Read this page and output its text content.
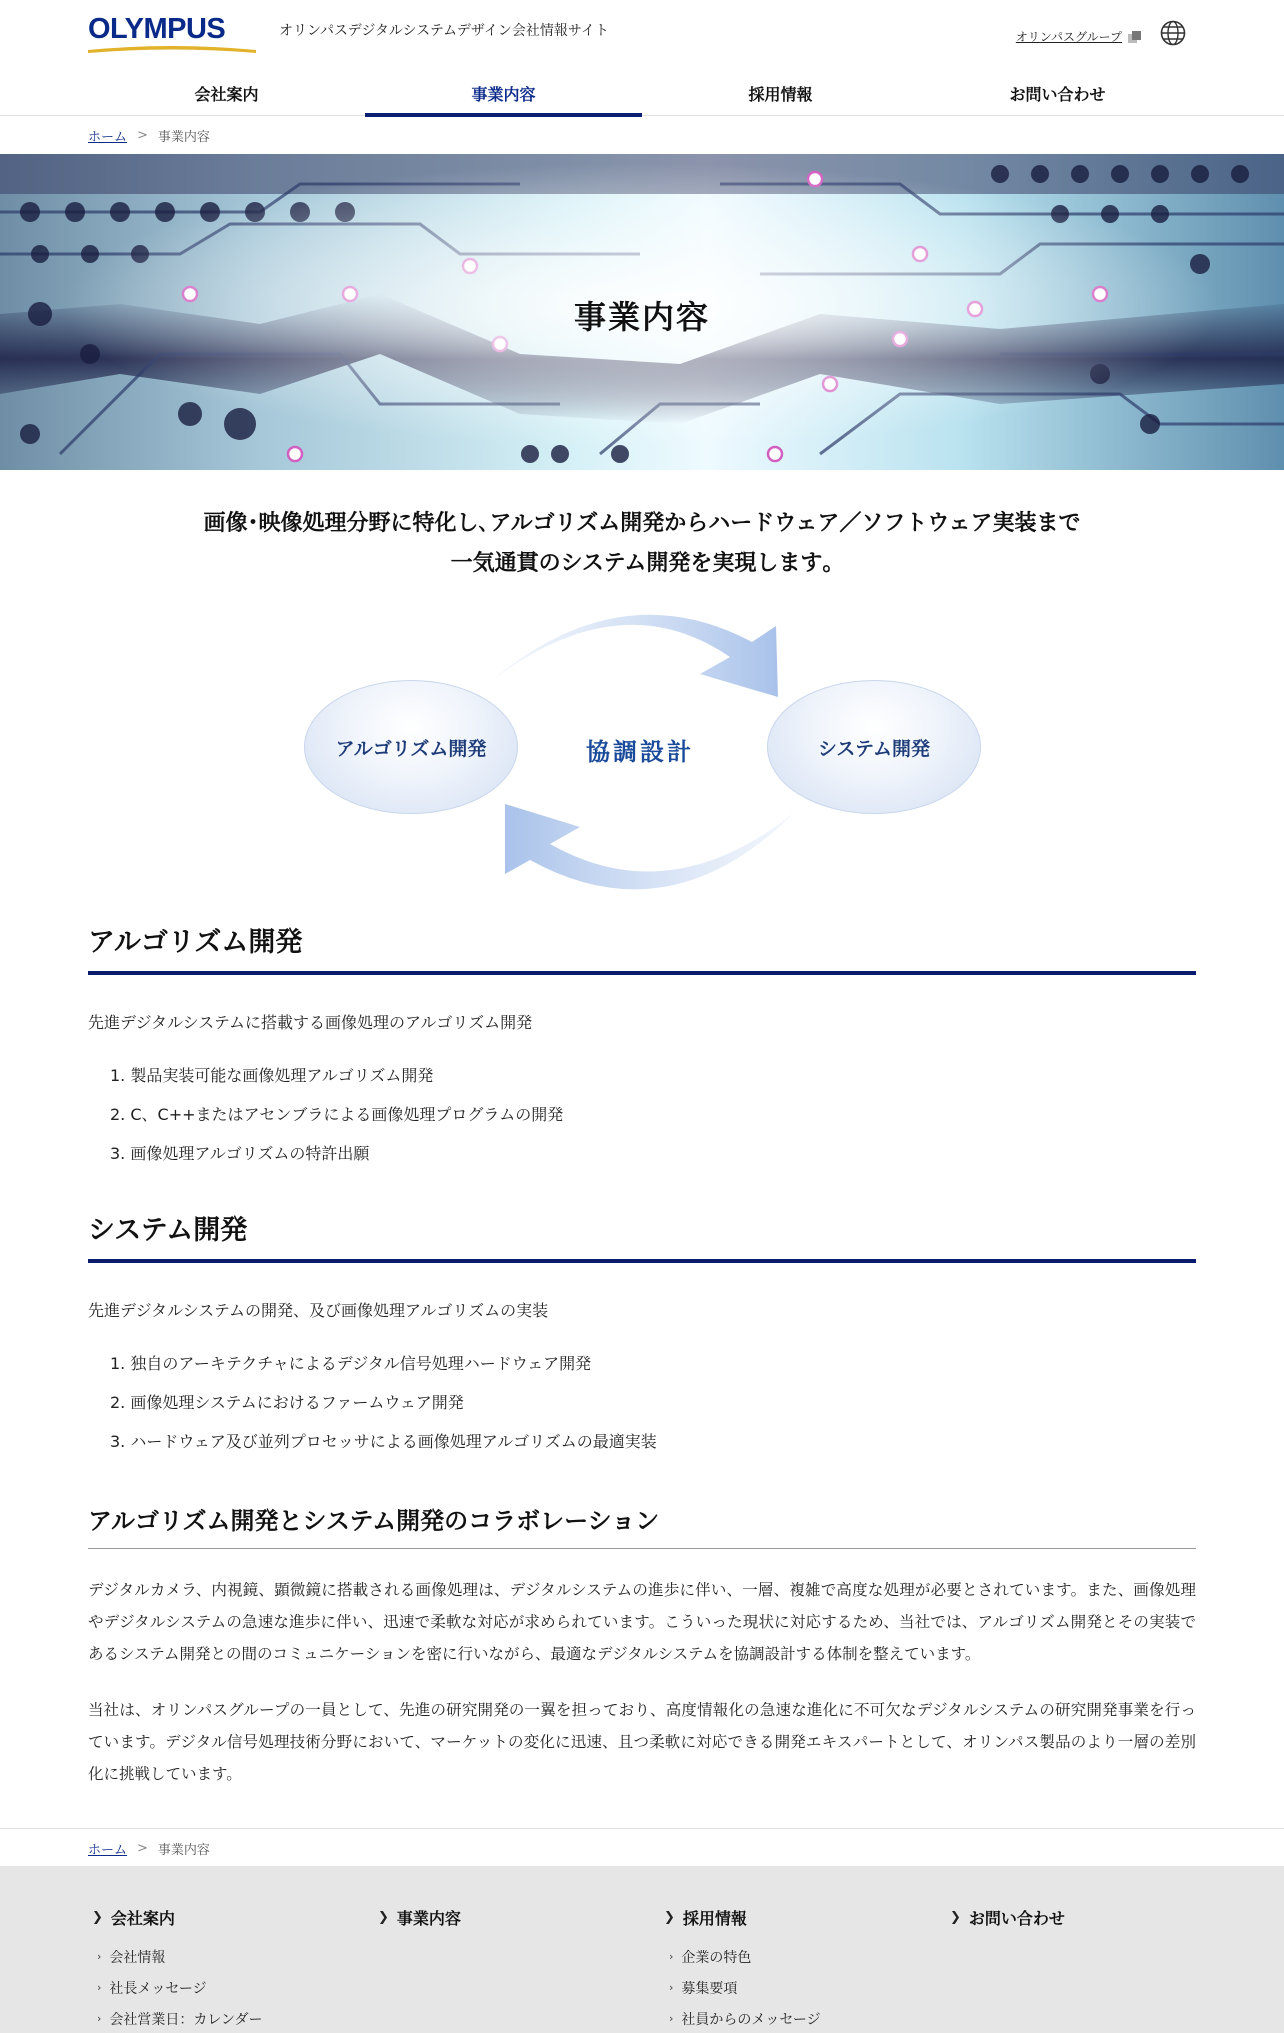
OLYMPUS	オリンパスデジタルシステムデザイン会社情報サイト	オリンパスグループ
会社案内	事業内容	採用情報	お問い合わせ
ホーム > 事業内容
事業内容
画像･映像処理分野に特化し､アルゴリズム開発からハードウェア／ソフトウェア実装まで
一気通貫のシステム開発を実現します｡
アルゴリズム開発	協調設計	システム開発
アルゴリズム開発

先進デジタルシステムに搭載する画像処理のアルゴリズム開発

1. 製品実装可能な画像処理アルゴリズム開発
2. C、C++またはアセンブラによる画像処理プログラムの開発
3. 画像処理アルゴリズムの特許出願
システム開発

先進デジタルシステムの開発、及び画像処理アルゴリズムの実装

1. 独自のアーキテクチャによるデジタル信号処理ハードウェア開発
2. 画像処理システムにおけるファームウェア開発
3. ハードウェア及び並列プロセッサによる画像処理アルゴリズムの最適実装
アルゴリズム開発とシステム開発のコラボレーション

デジタルカメラ、内視鏡、顕微鏡に搭載される画像処理は、デジタルシステムの進歩に伴い、一層、複雑で高度な処理が必要とされています。また、画像処理やデジタルシステムの急速な進歩に伴い、迅速で柔軟な対応が求められています。こういった現状に対応するため、当社では、アルゴリズム開発とその実装であるシステム開発との間のコミュニケーションを密に行いながら、最適なデジタルシステムを協調設計する体制を整えています。

当社は、オリンパスグループの一員として、先進の研究開発の一翼を担っており、高度情報化の急速な進化に不可欠なデジタルシステムの研究開発事業を行っています。デジタル信号処理技術分野において、マーケットの変化に迅速、且つ柔軟に対応できる開発エキスパートとして、オリンパス製品のより一層の差別化に挑戦しています。

ホーム > 事業内容
❯ 会社案内
› 会社情報
› 社長メッセージ
› 会社営業日：カレンダー
❯ 事業内容	❯ 採用情報
› 企業の特色
› 募集要項
› 社員からのメッセージ
❯ お問い合わせ
